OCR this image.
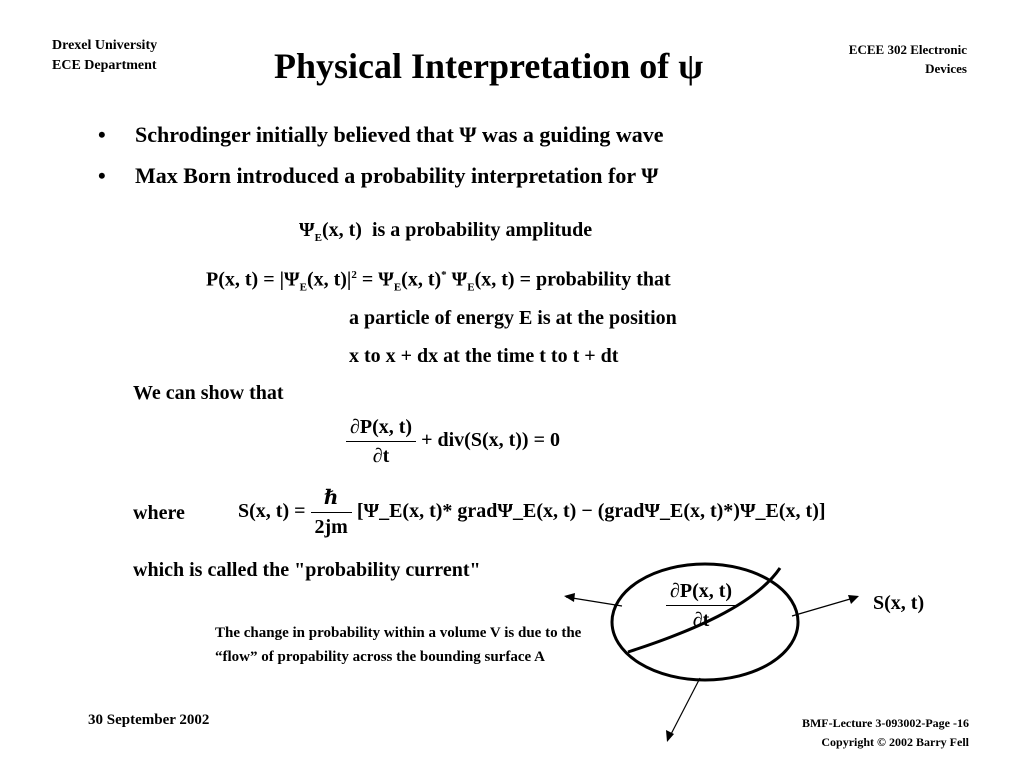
Drexel University
ECE Department	Physical Interpretation of ψ	ECEE 302 Electronic
Devices
• Schrodinger initially believed that Ψ was a guiding wave
• Max Born introduced a probability interpretation for Ψ
$\Psi_E(x$, t) is a probability amplitude
P(x, $t) = |\Psi_E(x$, $t)|^2 = \Psi_E(x$, t)* $\Psi_E(x$, t) = probability that
a particle of energy E is at the position
x to x + dx at the time t to t + dt
We can show that
$\frac{\partial P(x, t)}{\partial t} + div(S(x$, t)) = 0
where	S(x, $t) = \frac{\text{ℏ}}{2jm}$ [Ψ_E(x, t)* gradΨ_E(x, t) − (gradΨ_E(x, t)*)Ψ_E(x, t)]
which is called the "probability current"
$\frac{\partial P(x, t)}{\partial t}$	S(x, t)
The change in probability within a volume V is due to the “flow” of propability across the bounding surface A
30 September 2002	BMF-Lecture 3-093002-Page -16
Copyright © 2002 Barry Fell
